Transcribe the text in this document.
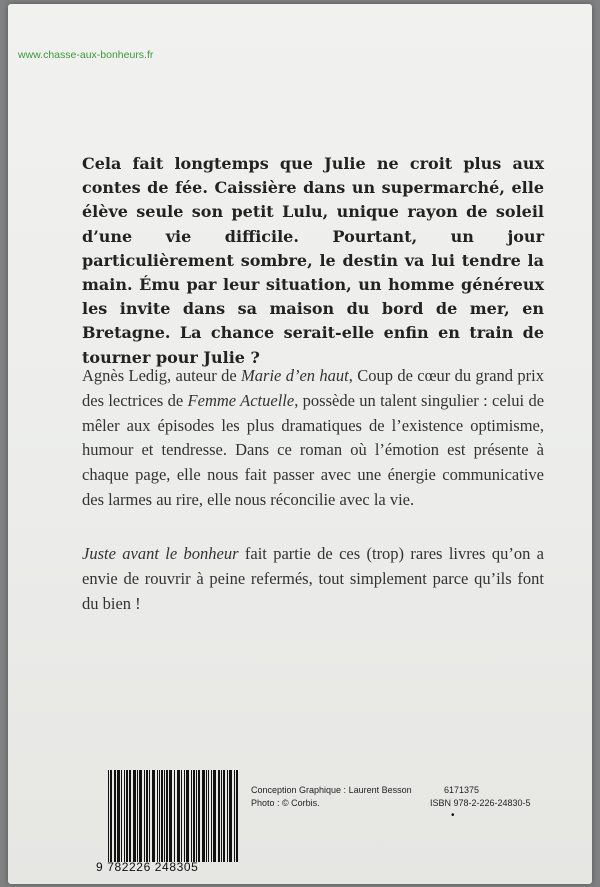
www.chasse-aux-bonheurs.fr

Cela fait longtemps que Julie ne croit plus aux contes de fée. Caissière dans un supermarché, elle élève seule son petit Lulu, unique rayon de soleil d’une vie difficile. Pourtant, un jour particulièrement sombre, le destin va lui tendre la main. Ému par leur situation, un homme généreux les invite dans sa maison du bord de mer, en Bretagne. La chance serait-elle enfin en train de tourner pour Julie ?

Agnès Ledig, auteur de Marie d’en haut, Coup de cœur du grand prix des lectrices de Femme Actuelle, possède un talent singulier : celui de mêler aux épisodes les plus dramatiques de l’existence optimisme, humour et tendresse. Dans ce roman où l’émotion est présente à chaque page, elle nous fait passer avec une énergie communicative des larmes au rire, elle nous réconcilie avec la vie.

Juste avant le bonheur fait partie de ces (trop) rares livres qu’on a envie de rouvrir à peine refermés, tout simplement parce qu’ils font du bien !

9 782226 248305
Conception Graphique : Laurent Besson
Photo : © Corbis.
6171375
ISBN 978-2-226-24830-5
•
